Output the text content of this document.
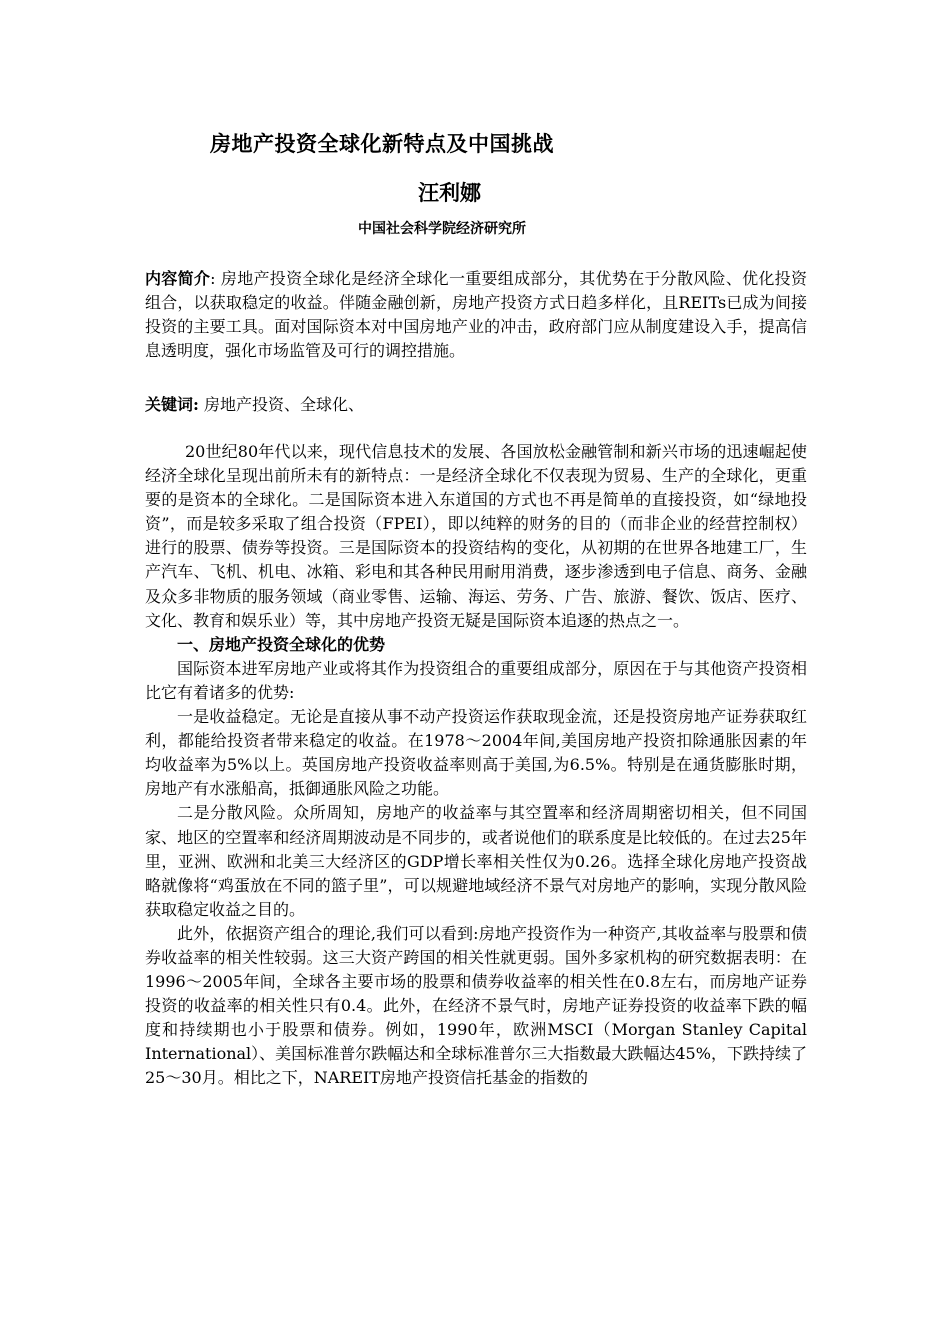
房地产投资全球化新特点及中国挑战
汪利娜
中国社会科学院经济研究所
内容简介: 房地产投资全球化是经济全球化一重要组成部分，其优势在于分散风险、优化投资组合，以获取稳定的收益。伴随金融创新，房地产投资方式日趋多样化，且REITs已成为间接投资的主要工具。面对国际资本对中国房地产业的冲击，政府部门应从制度建设入手，提高信息透明度，强化市场监管及可行的调控措施。
关键词: 房地产投资、全球化、

20世纪80年代以来，现代信息技术的发展、各国放松金融管制和新兴市场的迅速崛起使经济全球化呈现出前所未有的新特点：一是经济全球化不仅表现为贸易、生产的全球化，更重要的是资本的全球化。二是国际资本进入东道国的方式也不再是简单的直接投资，如“绿地投资”，而是较多采取了组合投资（FPEI），即以纯粹的财务的目的（而非企业的经营控制权）进行的股票、债券等投资。三是国际资本的投资结构的变化，从初期的在世界各地建工厂，生产汽车、飞机、机电、冰箱、彩电和其各种民用耐用消费，逐步渗透到电子信息、商务、金融及众多非物质的服务领域（商业零售、运输、海运、劳务、广告、旅游、餐饮、饭店、医疗、文化、教育和娱乐业）等，其中房地产投资无疑是国际资本追逐的热点之一。

一、房地产投资全球化的优势

国际资本进军房地产业或将其作为投资组合的重要组成部分，原因在于与其他资产投资相比它有着诸多的优势:

一是收益稳定。无论是直接从事不动产投资运作获取现金流，还是投资房地产证券获取红利，都能给投资者带来稳定的收益。在1978～2004年间,美国房地产投资扣除通胀因素的年均收益率为5%以上。英国房地产投资收益率则高于美国,为6.5%。特别是在通货膨胀时期，房地产有水涨船高，抵御通胀风险之功能。

二是分散风险。众所周知，房地产的收益率与其空置率和经济周期密切相关，但不同国家、地区的空置率和经济周期波动是不同步的，或者说他们的联系度是比较低的。在过去25年里，亚洲、欧洲和北美三大经济区的GDP增长率相关性仅为0.26。选择全球化房地产投资战略就像将“鸡蛋放在不同的篮子里”，可以规避地域经济不景气对房地产的影响，实现分散风险获取稳定收益之目的。

此外，依据资产组合的理论,我们可以看到:房地产投资作为一种资产,其收益率与股票和债券收益率的相关性较弱。这三大资产跨国的相关性就更弱。国外多家机构的研究数据表明：在1996～2005年间，全球各主要市场的股票和债券收益率的相关性在0.8左右，而房地产证券投资的收益率的相关性只有0.4。此外，在经济不景气时，房地产证券投资的收益率下跌的幅度和持续期也小于股票和债券。例如，1990年，欧洲MSCI（Morgan Stanley Capital International）、美国标准普尔跌幅达和全球标准普尔三大指数最大跌幅达45%，下跌持续了25～30月。相比之下，NAREIT房地产投资信托基金的指数的
